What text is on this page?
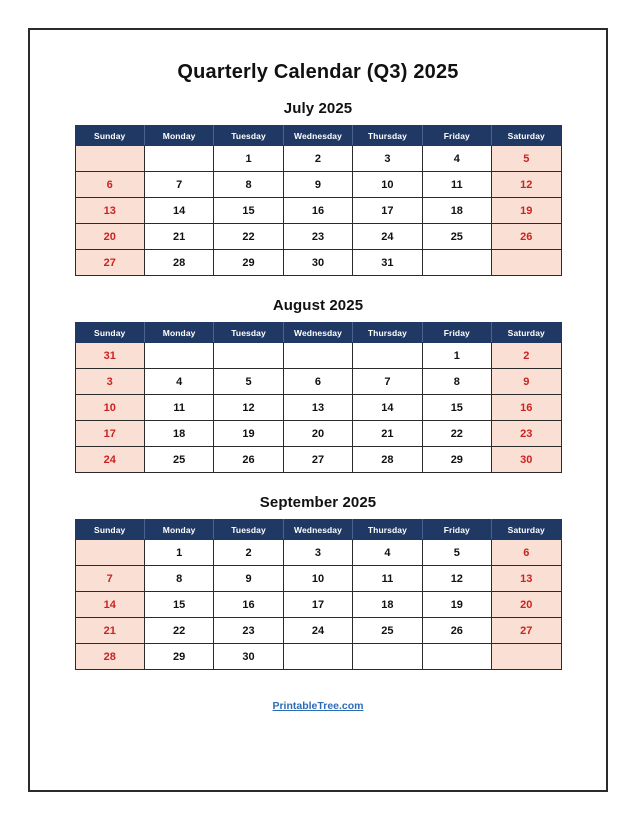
Quarterly Calendar (Q3) 2025
July 2025
Sunday	Monday	Tuesday	Wednesday	Thursday	Friday	Saturday
		1	2	3	4	5
6	7	8	9	10	11	12
13	14	15	16	17	18	19
20	21	22	23	24	25	26
27	28	29	30	31		
August 2025
Sunday	Monday	Tuesday	Wednesday	Thursday	Friday	Saturday
31					1	2
3	4	5	6	7	8	9
10	11	12	13	14	15	16
17	18	19	20	21	22	23
24	25	26	27	28	29	30
September 2025
Sunday	Monday	Tuesday	Wednesday	Thursday	Friday	Saturday
	1	2	3	4	5	6
7	8	9	10	11	12	13
14	15	16	17	18	19	20
21	22	23	24	25	26	27
28	29	30				
PrintableTree.com
